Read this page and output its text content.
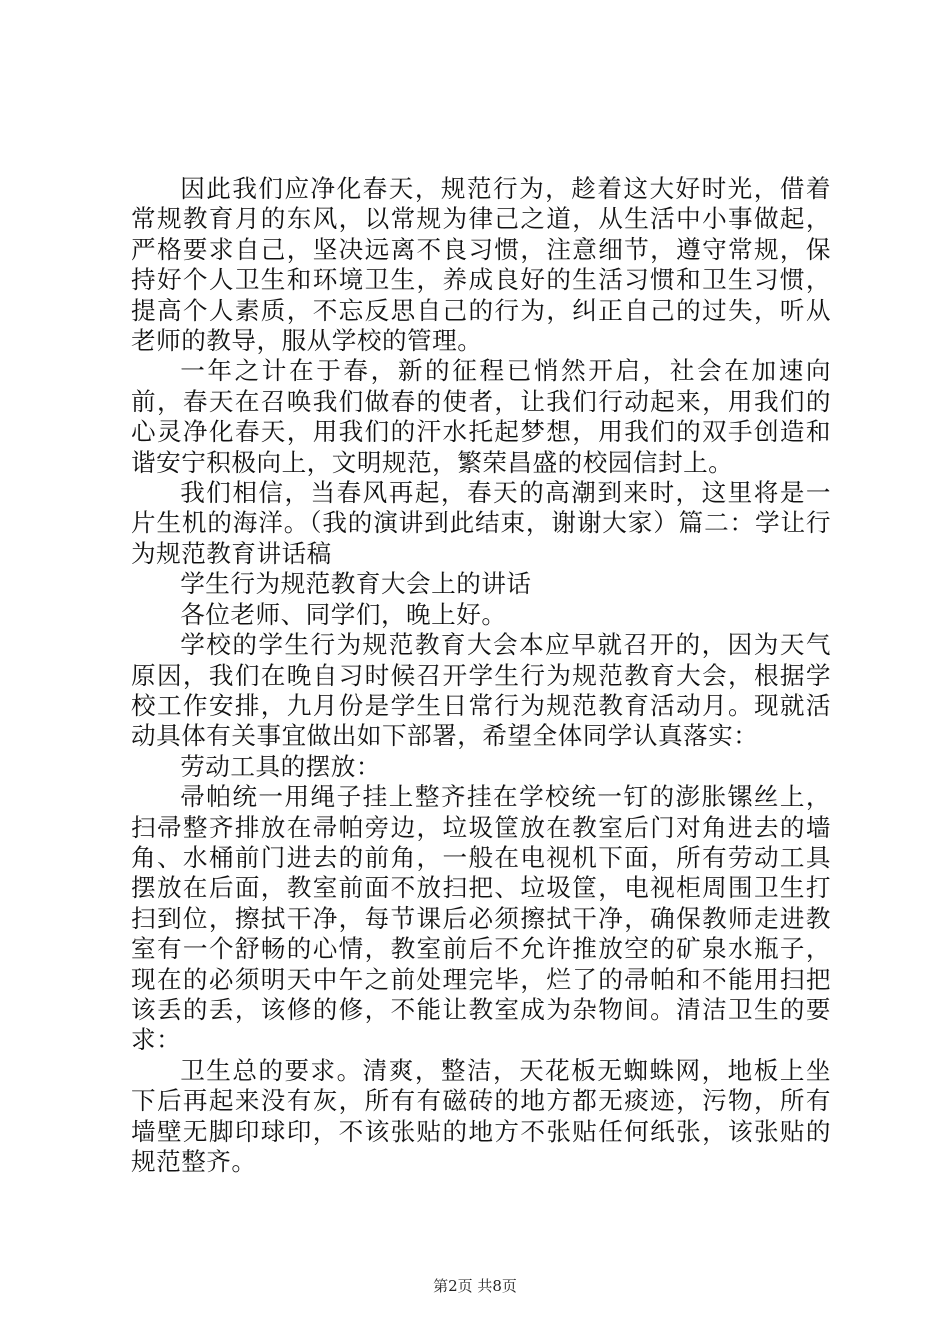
因此我们应净化春天，规范行为，趁着这大好时光，借着常规教育月的东风，以常规为律己之道，从生活中小事做起，严格要求自己，坚决远离不良习惯，注意细节，遵守常规，保持好个人卫生和环境卫生，养成良好的生活习惯和卫生习惯，提高个人素质，不忘反思自己的行为，纠正自己的过失，听从老师的教导，服从学校的管理。

一年之计在于春，新的征程已悄然开启，社会在加速向前，春天在召唤我们做春的使者，让我们行动起来，用我们的心灵净化春天，用我们的汗水托起梦想，用我们的双手创造和谐安宁积极向上，文明规范，繁荣昌盛的校园信封上。

我们相信，当春风再起，春天的高潮到来时，这里将是一片生机的海洋。（我的演讲到此结束，谢谢大家）篇二：学让行为规范教育讲话稿

学生行为规范教育大会上的讲话

各位老师、同学们，晚上好。

学校的学生行为规范教育大会本应早就召开的，因为天气原因，我们在晚自习时候召开学生行为规范教育大会，根据学校工作安排，九月份是学生日常行为规范教育活动月。现就活动具体有关事宜做出如下部署，希望全体同学认真落实：

劳动工具的摆放：

帚帕统一用绳子挂上整齐挂在学校统一钉的澎胀镙丝上，扫帚整齐排放在帚帕旁边，垃圾筐放在教室后门对角进去的墙角、水桶前门进去的前角，一般在电视机下面，所有劳动工具摆放在后面，教室前面不放扫把、垃圾筐，电视柜周围卫生打扫到位，擦拭干净，每节课后必须擦拭干净，确保教师走进教室有一个舒畅的心情，教室前后不允许推放空的矿泉水瓶子，现在的必须明天中午之前处理完毕，烂了的帚帕和不能用扫把该丢的丢，该修的修，不能让教室成为杂物间。清洁卫生的要求：

卫生总的要求。清爽，整洁，天花板无蜘蛛网，地板上坐下后再起来没有灰，所有有磁砖的地方都无痰迹，污物，所有墙壁无脚印球印，不该张贴的地方不张贴任何纸张，该张贴的规范整齐。

第2页 共8页
